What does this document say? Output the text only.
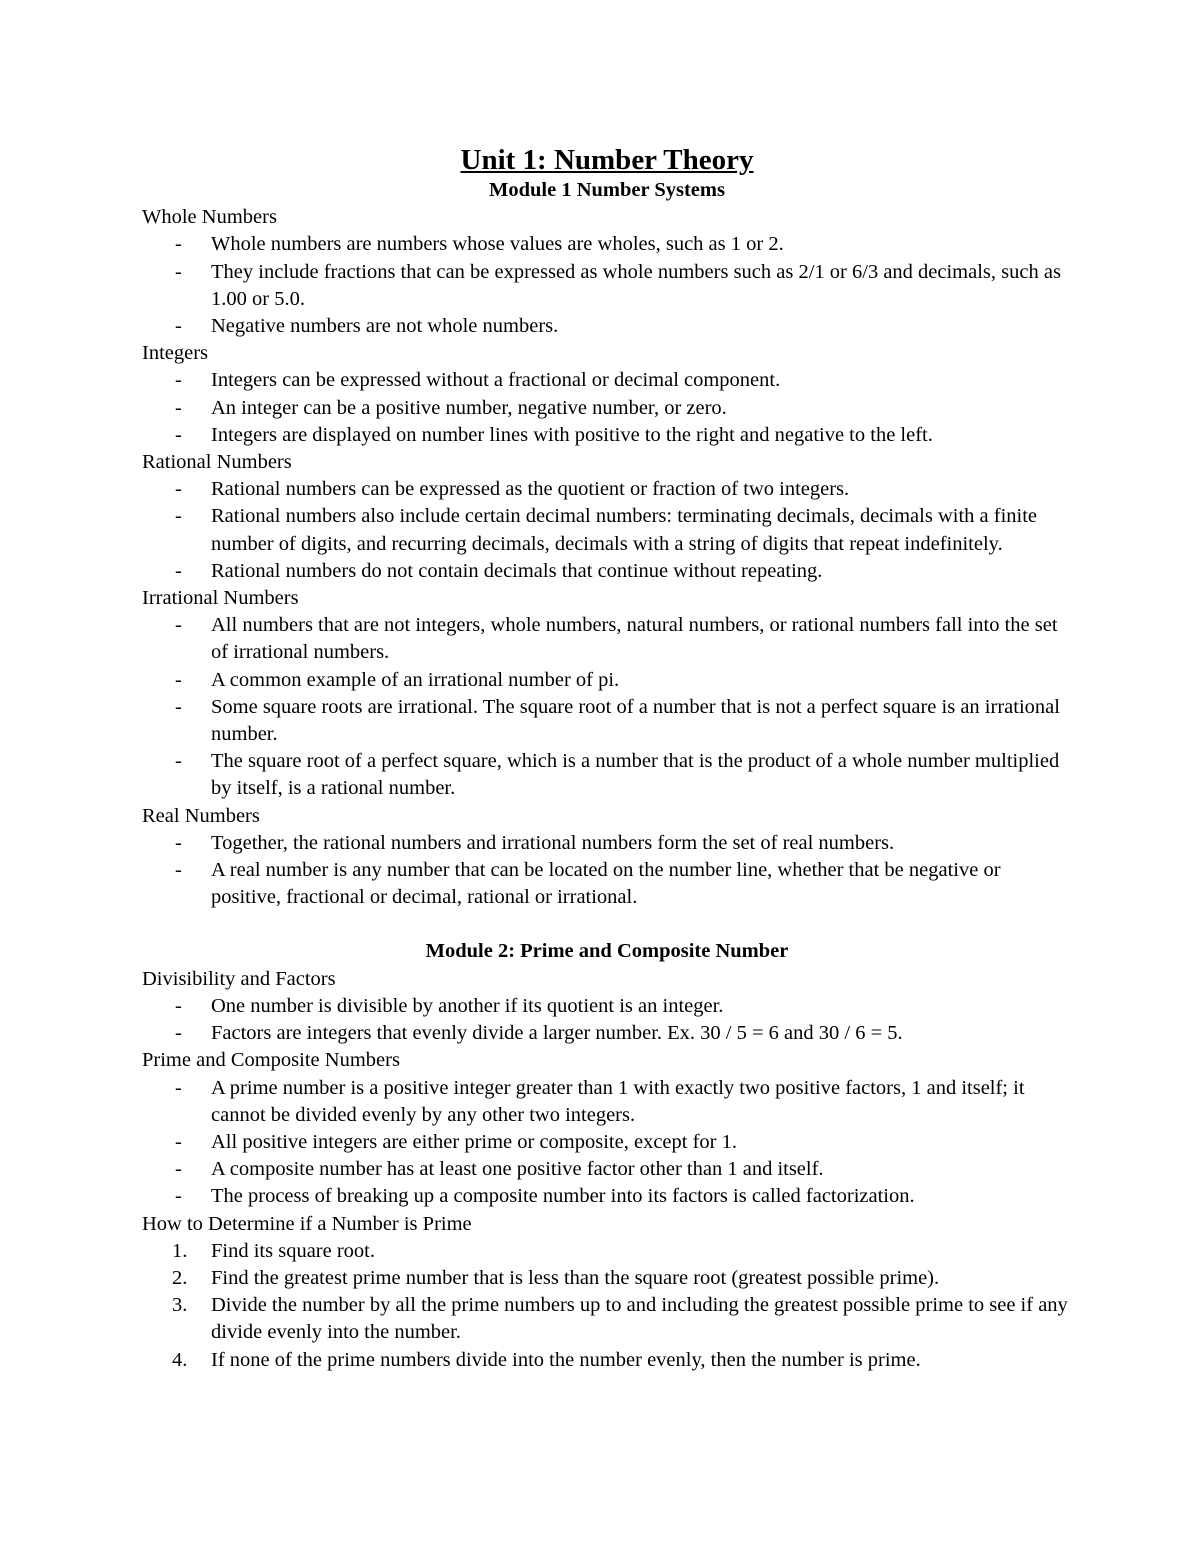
Unit 1: Number Theory
Module 1 Number Systems
Whole Numbers
- Whole numbers are numbers whose values are wholes, such as 1 or 2.
- They include fractions that can be expressed as whole numbers such as 2/1 or 6/3 and decimals, such as 1.00 or 5.0.
- Negative numbers are not whole numbers.
Integers
- Integers can be expressed without a fractional or decimal component.
- An integer can be a positive number, negative number, or zero.
- Integers are displayed on number lines with positive to the right and negative to the left.
Rational Numbers
- Rational numbers can be expressed as the quotient or fraction of two integers.
- Rational numbers also include certain decimal numbers: terminating decimals, decimals with a finite number of digits, and recurring decimals, decimals with a string of digits that repeat indefinitely.
- Rational numbers do not contain decimals that continue without repeating.
Irrational Numbers
- All numbers that are not integers, whole numbers, natural numbers, or rational numbers fall into the set of irrational numbers.
- A common example of an irrational number of pi.
- Some square roots are irrational. The square root of a number that is not a perfect square is an irrational number.
- The square root of a perfect square, which is a number that is the product of a whole number multiplied by itself, is a rational number.
Real Numbers
- Together, the rational numbers and irrational numbers form the set of real numbers.
- A real number is any number that can be located on the number line, whether that be negative or positive, fractional or decimal, rational or irrational.
Module 2: Prime and Composite Number
Divisibility and Factors
- One number is divisible by another if its quotient is an integer.
- Factors are integers that evenly divide a larger number. Ex. 30 / 5 = 6 and 30 / 6 = 5.
Prime and Composite Numbers
- A prime number is a positive integer greater than 1 with exactly two positive factors, 1 and itself; it cannot be divided evenly by any other two integers.
- All positive integers are either prime or composite, except for 1.
- A composite number has at least one positive factor other than 1 and itself.
- The process of breaking up a composite number into its factors is called factorization.
How to Determine if a Number is Prime
1. Find its square root.
2. Find the greatest prime number that is less than the square root (greatest possible prime).
3. Divide the number by all the prime numbers up to and including the greatest possible prime to see if any divide evenly into the number.
4. If none of the prime numbers divide into the number evenly, then the number is prime.
